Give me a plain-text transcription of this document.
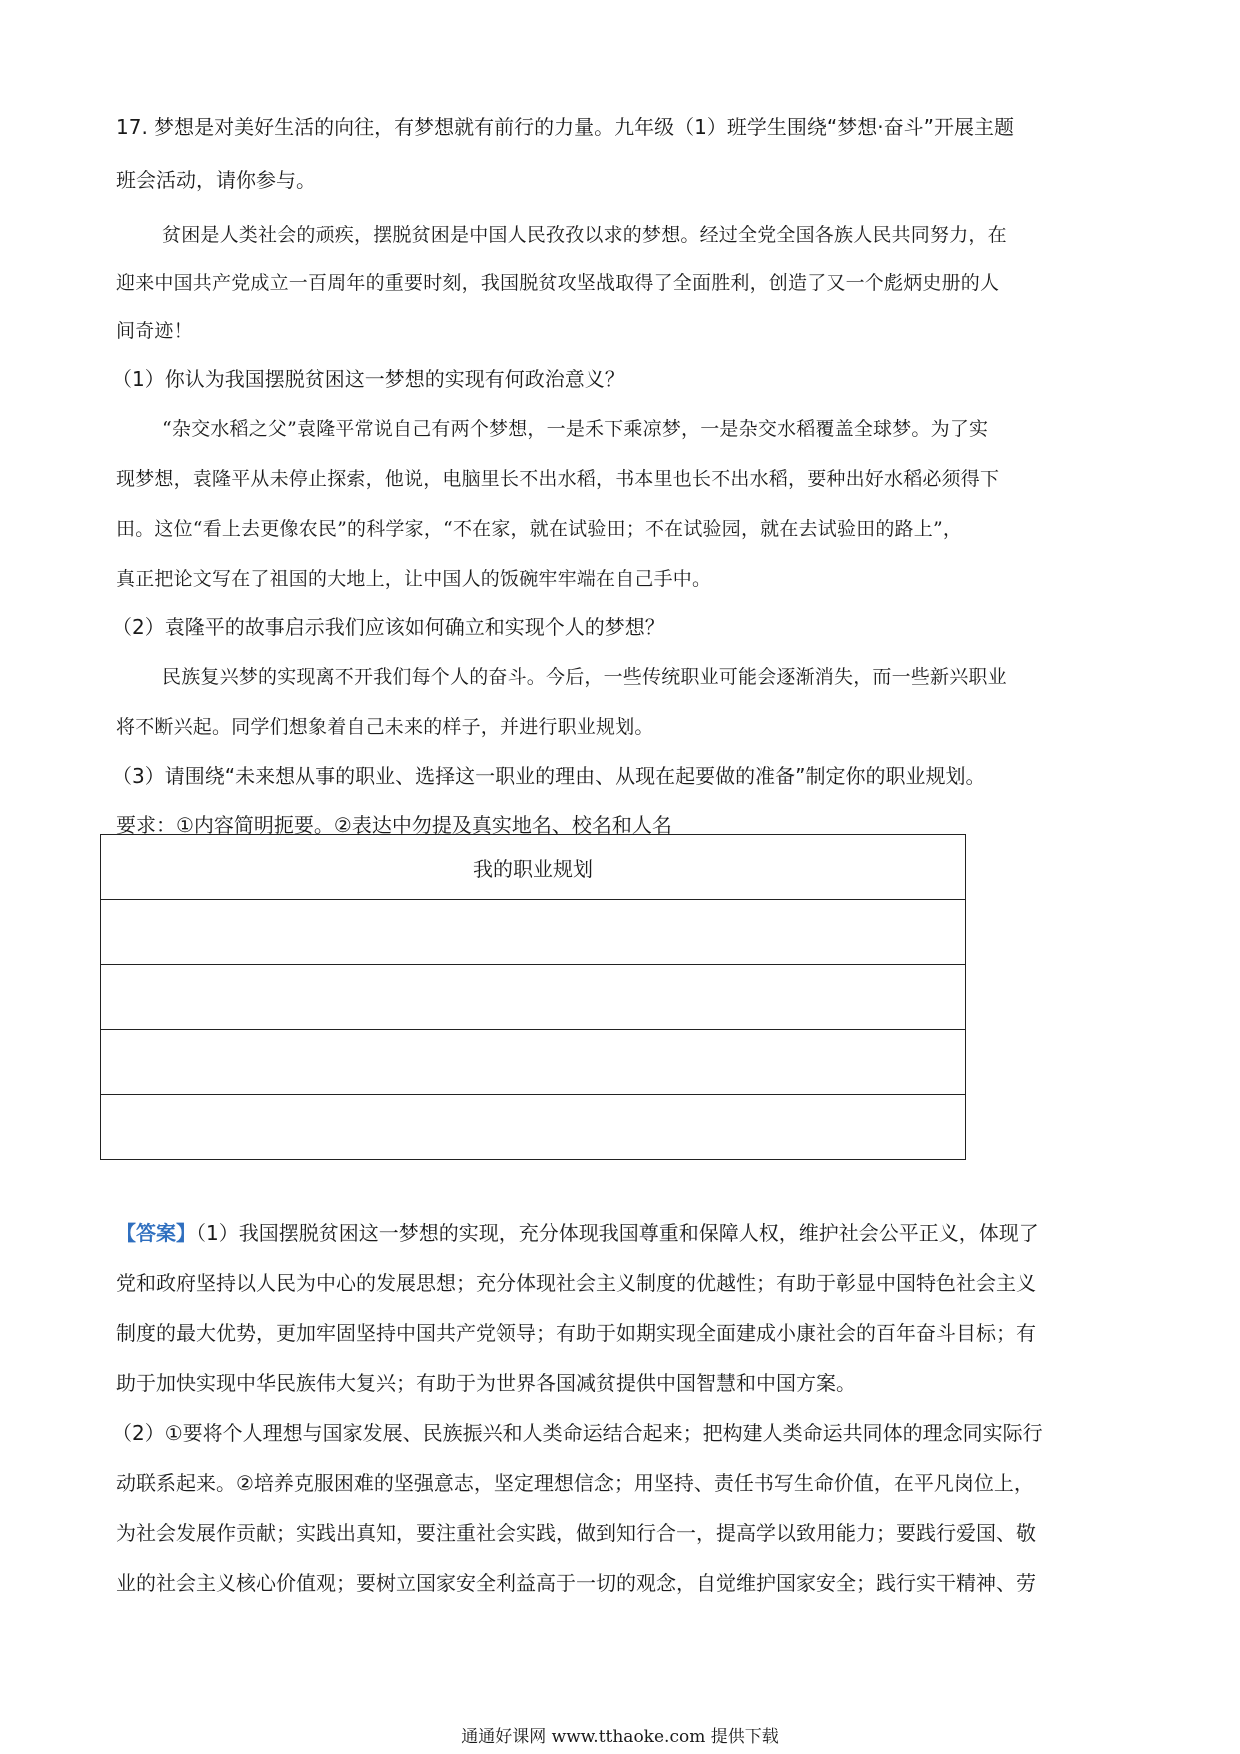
17. 梦想是对美好生活的向往，有梦想就有前行的力量。九年级（1）班学生围绕“梦想·奋斗”开展主题
班会活动，请你参与。
贫困是人类社会的顽疾，摆脱贫困是中国人民孜孜以求的梦想。经过全党全国各族人民共同努力，在
迎来中国共产党成立一百周年的重要时刻，我国脱贫攻坚战取得了全面胜利，创造了又一个彪炳史册的人
间奇迹！
（1）你认为我国摆脱贫困这一梦想的实现有何政治意义？
“杂交水稻之父”袁隆平常说自己有两个梦想，一是禾下乘凉梦，一是杂交水稻覆盖全球梦。为了实
现梦想，袁隆平从未停止探索，他说，电脑里长不出水稻，书本里也长不出水稻，要种出好水稻必须得下
田。这位“看上去更像农民”的科学家，“不在家，就在试验田；不在试验园，就在去试验田的路上”，
真正把论文写在了祖国的大地上，让中国人的饭碗牢牢端在自己手中。
（2）袁隆平的故事启示我们应该如何确立和实现个人的梦想？
民族复兴梦的实现离不开我们每个人的奋斗。今后，一些传统职业可能会逐渐消失，而一些新兴职业
将不断兴起。同学们想象着自己未来的样子，并进行职业规划。
（3）请围绕“未来想从事的职业、选择这一职业的理由、从现在起要做的准备”制定你的职业规划。
要求：①内容简明扼要。②表达中勿提及真实地名、校名和人名
我的职业规划

【答案】（1）我国摆脱贫困这一梦想的实现，充分体现我国尊重和保障人权，维护社会公平正义，体现了
党和政府坚持以人民为中心的发展思想；充分体现社会主义制度的优越性；有助于彰显中国特色社会主义
制度的最大优势，更加牢固坚持中国共产党领导；有助于如期实现全面建成小康社会的百年奋斗目标；有
助于加快实现中华民族伟大复兴；有助于为世界各国减贫提供中国智慧和中国方案。
（2）①要将个人理想与国家发展、民族振兴和人类命运结合起来；把构建人类命运共同体的理念同实际行
动联系起来。②培养克服困难的坚强意志，坚定理想信念；用坚持、责任书写生命价值，在平凡岗位上，
为社会发展作贡献；实践出真知，要注重社会实践，做到知行合一，提高学以致用能力；要践行爱国、敬
业的社会主义核心价值观；要树立国家安全利益高于一切的观念，自觉维护国家安全；践行实干精神、劳
通通好课网 www.tthaoke.com 提供下载
